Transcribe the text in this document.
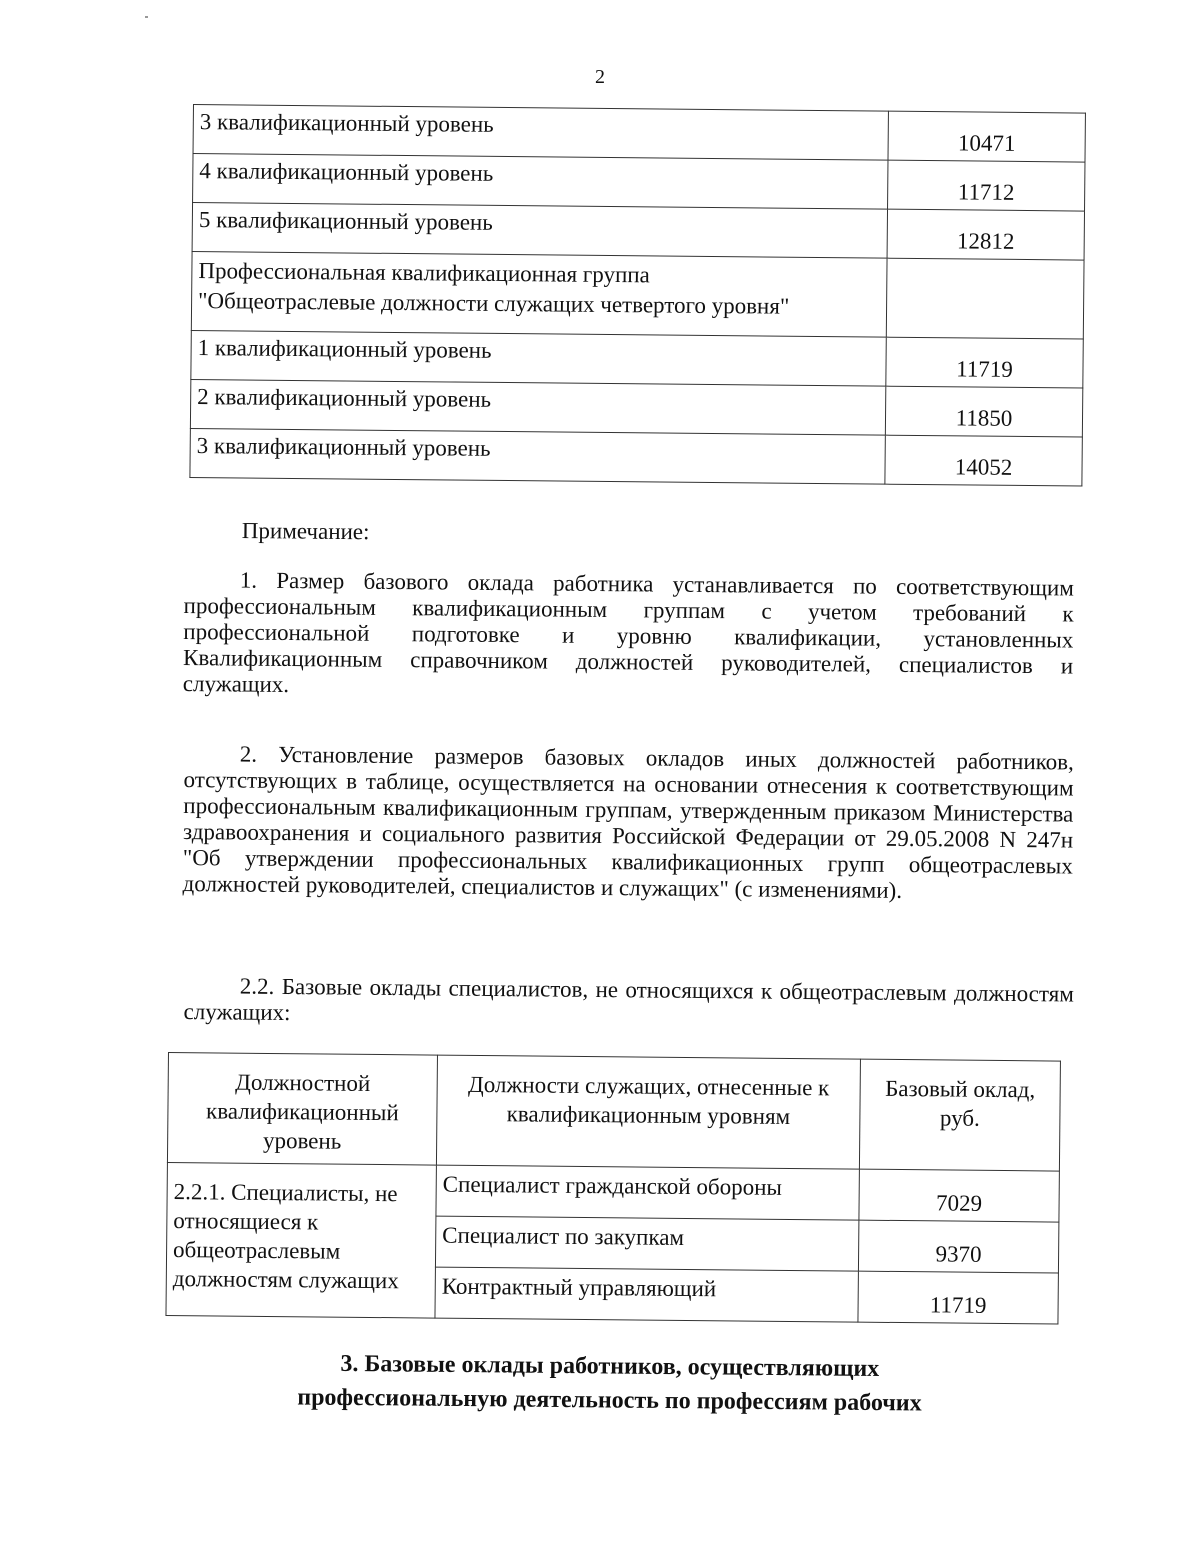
2
3 квалификационный уровень	10471
4 квалификационный уровень	11712
5 квалификационный уровень	12812

Профессиональная квалификационная группа
"Общеотраслевые должности служащих четвертого уровня"	

1 квалификационный уровень	11719
2 квалификационный уровень	11850
3 квалификационный уровень	14052
Примечание:

1. Размер базового оклада работника устанавливается по соответствующим профессиональным квалификационным группам с учетом требований к профессиональной подготовке и уровню квалификации, установленных Квалификационным справочником должностей руководителей, специалистов и служащих.

2. Установление размеров базовых окладов иных должностей работников, отсутствующих в таблице, осуществляется на основании отнесения к соответствующим профессиональным квалификационным группам, утвержденным приказом Министерства здравоохранения и социального развития Российской Федерации от 29.05.2008 N 247н "Об утверждении профессиональных квалификационных групп общеотраслевых должностей руководителей, специалистов и служащих" (с изменениями).

2.2. Базовые оклады специалистов, не относящихся к общеотраслевым должностям служащих:

Должностной квалификационный уровень	Должности служащих, отнесенные к квалификационным уровням	Базовый оклад, руб.
2.2.1. Специалисты, не относящиеся к общеотраслевым должностям служащих	Специалист гражданской обороны	7029
	Специалист по закупкам	9370
	Контрактный управляющий	11719
3. Базовые оклады работников, осуществляющих
профессиональную деятельность по профессиям рабочих
